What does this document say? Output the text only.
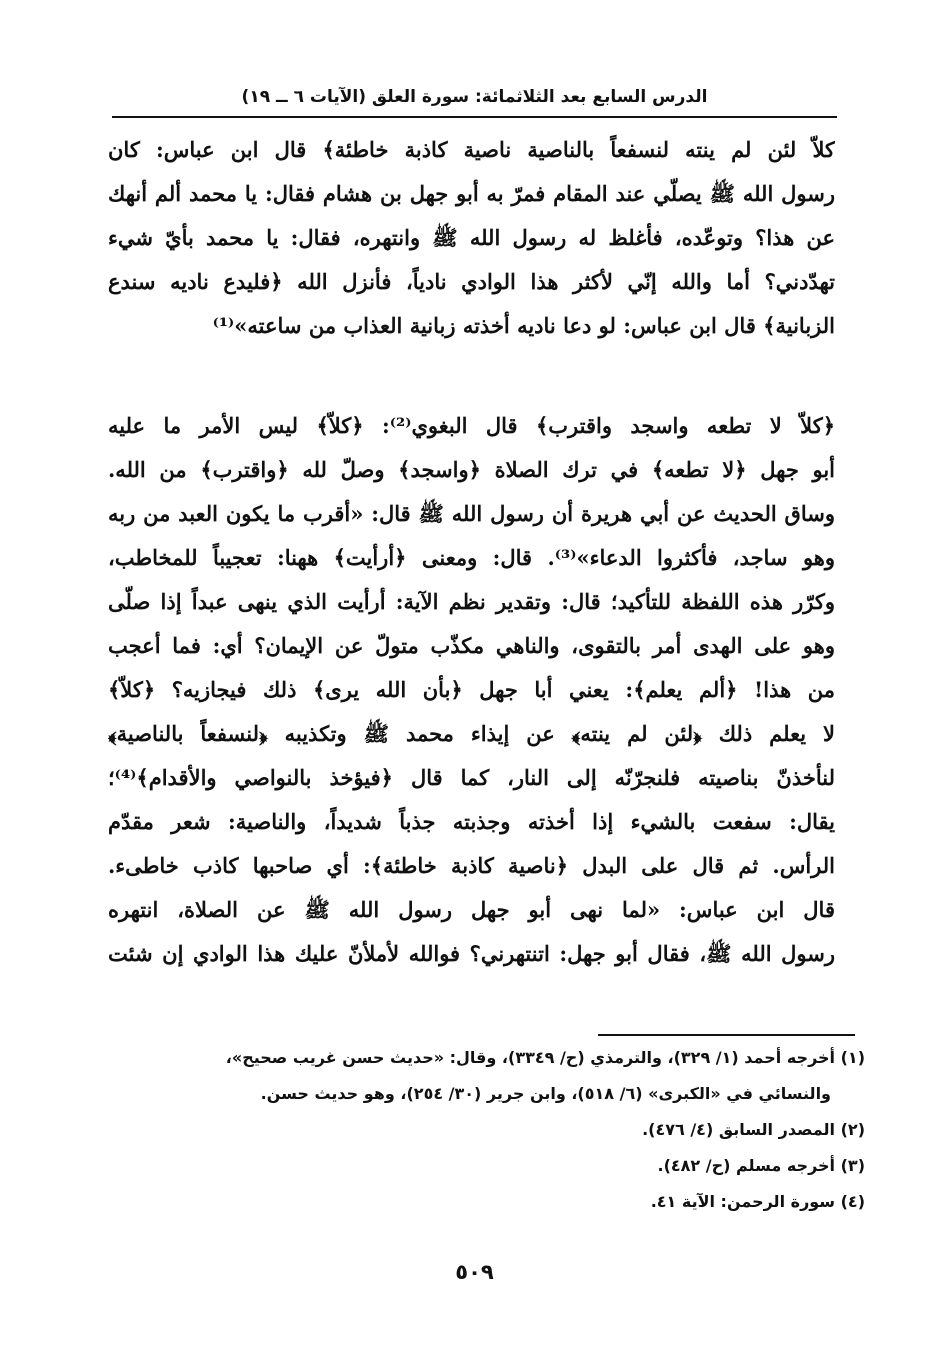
الدرس السابع بعد الثلاثمائة: سورة العلق (الآيات ٦ ــ ١٩)
كلاّ لئن لم ينته لنسفعاً بالناصية ناصية كاذبة خاطئة﴾ قال ابن عباس: كان
رسول الله ﷺ يصلّي عند المقام فمرّ به أبو جهل بن هشام فقال: يا محمد ألم أنهك
عن هذا؟ وتوعّده، فأغلظ له رسول الله ﷺ وانتهره، فقال: يا محمد بأيّ شيء
تهدّدني؟ أما والله إنّي لأكثر هذا الوادي نادياً، فأنزل الله ﴿فليدع ناديه سندع
الزبانية﴾ قال ابن عباس: لو دعا ناديه أخذته زبانية العذاب من ساعته»⁽¹⁾
﴿كلاّ لا تطعه واسجد واقترب﴾ قال البغوي⁽²⁾: ﴿كلاّ﴾ ليس الأمر ما عليه
أبو جهل ﴿لا تطعه﴾ في ترك الصلاة ﴿واسجد﴾ وصلّ لله ﴿واقترب﴾ من الله.
وساق الحديث عن أبي هريرة أن رسول الله ﷺ قال: «أقرب ما يكون العبد من ربه
وهو ساجد، فأكثروا الدعاء»⁽³⁾. قال: ومعنى ﴿أرأيت﴾ ههنا: تعجيباً للمخاطب،
وكرّر هذه اللفظة للتأكيد؛ قال: وتقدير نظم الآية: أرأيت الذي ينهى عبداً إذا صلّى
وهو على الهدى أمر بالتقوى، والناهي مكذّب متولّ عن الإيمان؟ أي: فما أعجب
من هذا! ﴿ألم يعلم﴾: يعني أبا جهل ﴿بأن الله يرى﴾ ذلك فيجازيه؟ ﴿كلاّ﴾
لا يعلم ذلك ﴿لئن لم ينته﴾ عن إيذاء محمد ﷺ وتكذيبه ﴿لنسفعاً بالناصية﴾
لنأخذنّ بناصيته فلنجرّنّه إلى النار، كما قال ﴿فيؤخذ بالنواصي والأقدام﴾⁽⁴⁾؛
يقال: سفعت بالشيء إذا أخذته وجذبته جذباً شديداً، والناصية: شعر مقدّم
الرأس. ثم قال على البدل ﴿ناصية كاذبة خاطئة﴾: أي صاحبها كاذب خاطىء.
قال ابن عباس: «لما نهى أبو جهل رسول الله ﷺ عن الصلاة، انتهره
رسول الله ﷺ، فقال أبو جهل: اتنتهرني؟ فوالله لأملأنّ عليك هذا الوادي إن شئت
(١) أخرجه أحمد (١/ ٣٢٩)، والترمذي (ح/ ٣٣٤٩)، وقال: «حديث حسن غريب صحيح»،
والنسائي في «الكبرى» (٦/ ٥١٨)، وابن جرير (٣٠/ ٢٥٤)، وهو حديث حسن.
(٢) المصدر السابق (٤/ ٤٧٦).
(٣) أخرجه مسلم (ح/ ٤٨٢).
(٤) سورة الرحمن: الآية ٤١.
٥٠٩
